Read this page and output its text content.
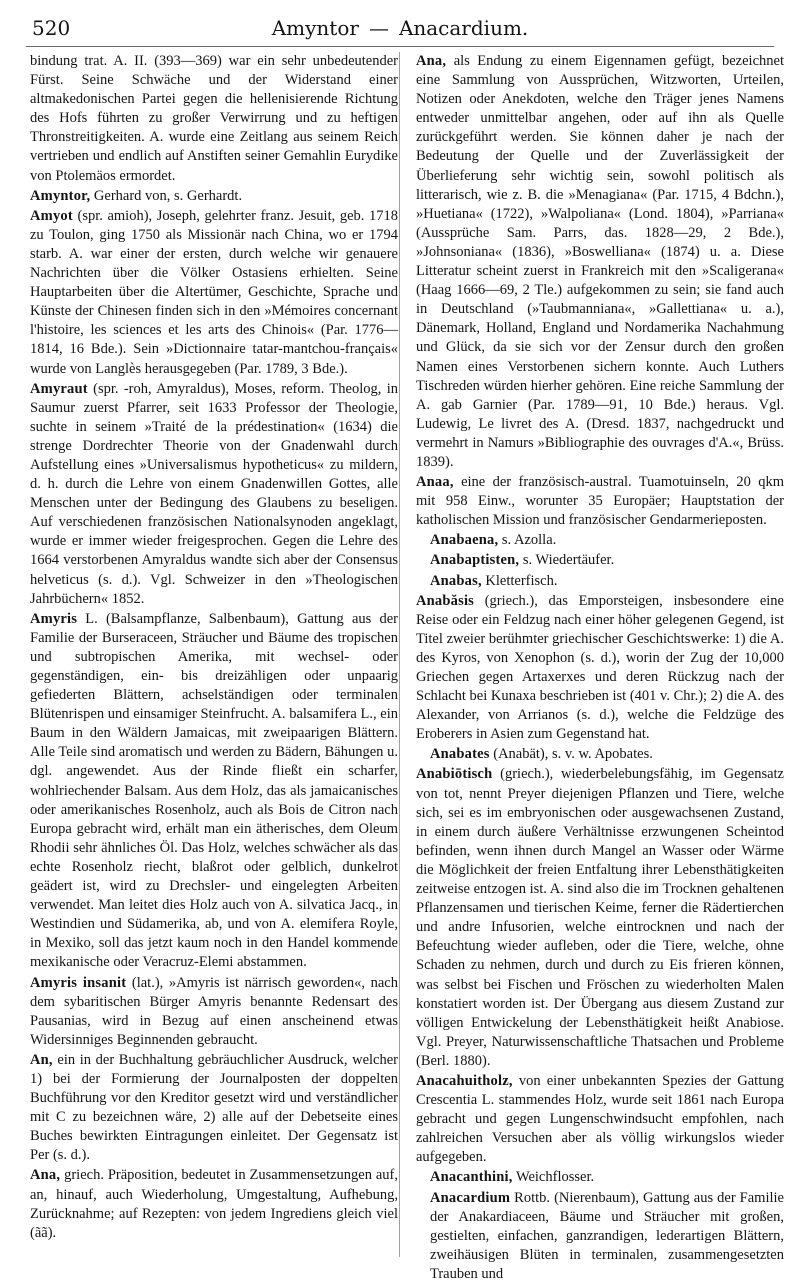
520	Amyntor — Anacardium.

bindung trat. A. II. (393—369) war ein sehr unbedeutender Fürst. Seine Schwäche und der Widerstand einer altmakedonischen Partei gegen die hellenisierende Richtung des Hofs führten zu großer Verwirrung und zu heftigen Thronstreitigkeiten. A. wurde eine Zeitlang aus seinem Reich vertrieben und endlich auf Anstiften seiner Gemahlin Eurydike von Ptolemäos ermordet.

Amyntor, Gerhard von, s. Gerhardt.

Amyot (spr. amioh), Joseph, gelehrter franz. Jesuit, geb. 1718 zu Toulon, ging 1750 als Missionär nach China, wo er 1794 starb. A. war einer der ersten, durch welche wir genauere Nachrichten über die Völker Ostasiens erhielten. Seine Hauptarbeiten über die Altertümer, Geschichte, Sprache und Künste der Chinesen finden sich in den »Mémoires concernant l'histoire, les sciences et les arts des Chinois« (Par. 1776—1814, 16 Bde.). Sein »Dictionnaire tatar-mantchou-français« wurde von Langlès herausgegeben (Par. 1789, 3 Bde.).

Amyraut (spr. -roh, Amyraldus), Moses, reform. Theolog, in Saumur zuerst Pfarrer, seit 1633 Professor der Theologie, suchte in seinem »Traité de la prédestination« (1634) die strenge Dordrechter Theorie von der Gnadenwahl durch Aufstellung eines »Universalismus hypotheticus« zu mildern, d. h. durch die Lehre von einem Gnadenwillen Gottes, alle Menschen unter der Bedingung des Glaubens zu beseligen. Auf verschiedenen französischen Nationalsynoden angeklagt, wurde er immer wieder freigesprochen. Gegen die Lehre des 1664 verstorbenen Amyraldus wandte sich aber der Consensus helveticus (s. d.). Vgl. Schweizer in den »Theologischen Jahrbüchern« 1852.

Amyris L. (Balsampflanze, Salbenbaum), Gattung aus der Familie der Burseraceen, Sträucher und Bäume des tropischen und subtropischen Amerika, mit wechsel- oder gegenständigen, ein- bis dreizähligen oder unpaarig gefiederten Blättern, achselständigen oder terminalen Blütenrispen und einsamiger Steinfrucht. A. balsamifera L., ein Baum in den Wäldern Jamaicas, mit zweipaarigen Blättern. Alle Teile sind aromatisch und werden zu Bädern, Bähungen u. dgl. angewendet. Aus der Rinde fließt ein scharfer, wohlriechender Balsam. Aus dem Holz, das als jamaicanisches oder amerikanisches Rosenholz, auch als Bois de Citron nach Europa gebracht wird, erhält man ein ätherisches, dem Oleum Rhodii sehr ähnliches Öl. Das Holz, welches schwächer als das echte Rosenholz riecht, blaßrot oder gelblich, dunkelrot geädert ist, wird zu Drechsler- und eingelegten Arbeiten verwendet. Man leitet dies Holz auch von A. silvatica Jacq., in Westindien und Südamerika, ab, und von A. elemifera Royle, in Mexiko, soll das jetzt kaum noch in den Handel kommende mexikanische oder Veracruz-Elemi abstammen.

Amyris insanit (lat.), »Amyris ist närrisch geworden«, nach dem sybaritischen Bürger Amyris benannte Redensart des Pausanias, wird in Bezug auf einen anscheinend etwas Widersinniges Beginnenden gebraucht.

An, ein in der Buchhaltung gebräuchlicher Ausdruck, welcher 1) bei der Formierung der Journalposten der doppelten Buchführung vor den Kreditor gesetzt wird und verständlicher mit C zu bezeichnen wäre, 2) alle auf der Debetseite eines Buches bewirkten Eintragungen einleitet. Der Gegensatz ist Per (s. d.).

Ana, griech. Präposition, bedeutet in Zusammensetzungen auf, an, hinauf, auch Wiederholung, Umgestaltung, Aufhebung, Zurücknahme; auf Rezepten: von jedem Ingrediens gleich viel (ãã).

Ana, als Endung zu einem Eigennamen gefügt, bezeichnet eine Sammlung von Aussprüchen, Witzworten, Urteilen, Notizen oder Anekdoten, welche den Träger jenes Namens entweder unmittelbar angehen, oder auf ihn als Quelle zurückgeführt werden. Sie können daher je nach der Bedeutung der Quelle und der Zuverlässigkeit der Überlieferung sehr wichtig sein, sowohl politisch als litterarisch, wie z. B. die »Menagiana« (Par. 1715, 4 Bdchn.), »Huetiana« (1722), »Walpoliana« (Lond. 1804), »Parriana« (Aussprüche Sam. Parrs, das. 1828—29, 2 Bde.), »Johnsoniana« (1836), »Boswelliana« (1874) u. a. Diese Litteratur scheint zuerst in Frankreich mit den »Scaligerana« (Haag 1666—69, 2 Tle.) aufgekommen zu sein; sie fand auch in Deutschland (»Taubmanniana«, »Gallettiana« u. a.), Dänemark, Holland, England und Nordamerika Nachahmung und Glück, da sie sich vor der Zensur durch den großen Namen eines Verstorbenen sichern konnte. Auch Luthers Tischreden würden hierher gehören. Eine reiche Sammlung der A. gab Garnier (Par. 1789—91, 10 Bde.) heraus. Vgl. Ludewig, Le livret des A. (Dresd. 1837, nachgedruckt und vermehrt in Namurs »Bibliographie des ouvrages d'A.«, Brüss. 1839).

Anaa, eine der französisch-austral. Tuamotuinseln, 20 qkm mit 958 Einw., worunter 35 Europäer; Hauptstation der katholischen Mission und französischer Gendarmerieposten.

Anabaena, s. Azolla.

Anabaptisten, s. Wiedertäufer.

Anabas, Kletterfisch.

Anabăsis (griech.), das Emporsteigen, insbesondere eine Reise oder ein Feldzug nach einer höher gelegenen Gegend, ist Titel zweier berühmter griechischer Geschichtswerke: 1) die A. des Kyros, von Xenophon (s. d.), worin der Zug der 10,000 Griechen gegen Artaxerxes und deren Rückzug nach der Schlacht bei Kunaxa beschrieben ist (401 v. Chr.); 2) die A. des Alexander, von Arrianos (s. d.), welche die Feldzüge des Eroberers in Asien zum Gegenstand hat.

Anabates (Anabät), s. v. w. Apobates.

Anabiōtisch (griech.), wiederbelebungsfähig, im Gegensatz von tot, nennt Preyer diejenigen Pflanzen und Tiere, welche sich, sei es im embryonischen oder ausgewachsenen Zustand, in einem durch äußere Verhältnisse erzwungenen Scheintod befinden, wenn ihnen durch Mangel an Wasser oder Wärme die Möglichkeit der freien Entfaltung ihrer Lebensthätigkeiten zeitweise entzogen ist. A. sind also die im Trocknen gehaltenen Pflanzensamen und tierischen Keime, ferner die Rädertierchen und andre Infusorien, welche eintrocknen und nach der Befeuchtung wieder aufleben, oder die Tiere, welche, ohne Schaden zu nehmen, durch und durch zu Eis frieren können, was selbst bei Fischen und Fröschen zu wiederholten Malen konstatiert worden ist. Der Übergang aus diesem Zustand zur völligen Entwickelung der Lebensthätigkeit heißt Anabiose. Vgl. Preyer, Naturwissenschaftliche Thatsachen und Probleme (Berl. 1880).

Anacahuitholz, von einer unbekannten Spezies der Gattung Crescentia L. stammendes Holz, wurde seit 1861 nach Europa gebracht und gegen Lungenschwindsucht empfohlen, nach zahlreichen Versuchen aber als völlig wirkungslos wieder aufgegeben.

Anacanthini, Weichflosser.

Anacardium Rottb. (Nierenbaum), Gattung aus der Familie der Anakardiaceen, Bäume und Sträucher mit großen, gestielten, einfachen, ganzrandigen, lederartigen Blättern, zweihäusigen Blüten in terminalen, zusammengesetzten Trauben und
